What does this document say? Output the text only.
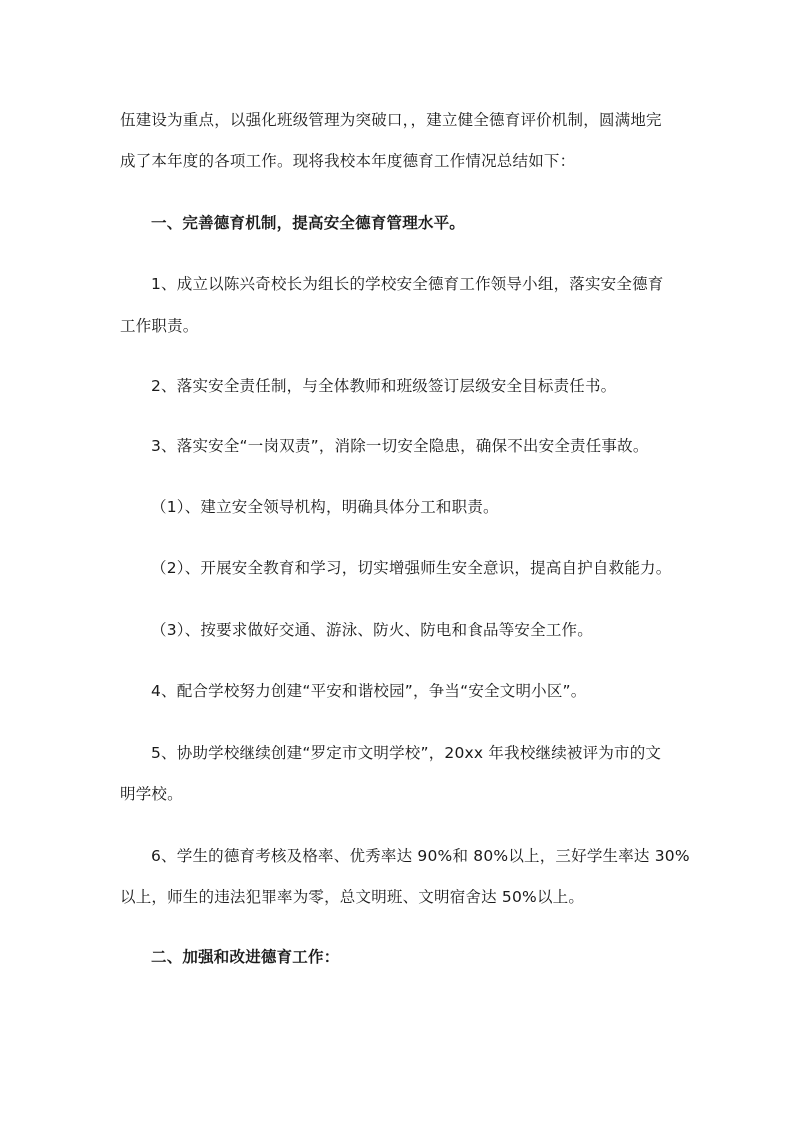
伍建设为重点，以强化班级管理为突破口，，建立健全德育评价机制，圆满地完
成了本年度的各项工作。现将我校本年度德育工作情况总结如下：
一、完善德育机制，提高安全德育管理水平。
1、成立以陈兴奇校长为组长的学校安全德育工作领导小组，落实安全德育
工作职责。
2、落实安全责任制，与全体教师和班级签订层级安全目标责任书。
3、落实安全“一岗双责”，消除一切安全隐患，确保不出安全责任事故。
（1）、建立安全领导机构，明确具体分工和职责。
（2）、开展安全教育和学习，切实增强师生安全意识，提高自护自救能力。
（3）、按要求做好交通、游泳、防火、防电和食品等安全工作。
4、配合学校努力创建“平安和谐校园”，争当“安全文明小区”。
5、协助学校继续创建“罗定市文明学校”，20xx 年我校继续被评为市的文
明学校。
6、学生的德育考核及格率、优秀率达 90%和 80%以上，三好学生率达 30%
以上，师生的违法犯罪率为零，总文明班、文明宿舍达 50%以上。
二、加强和改进德育工作：
